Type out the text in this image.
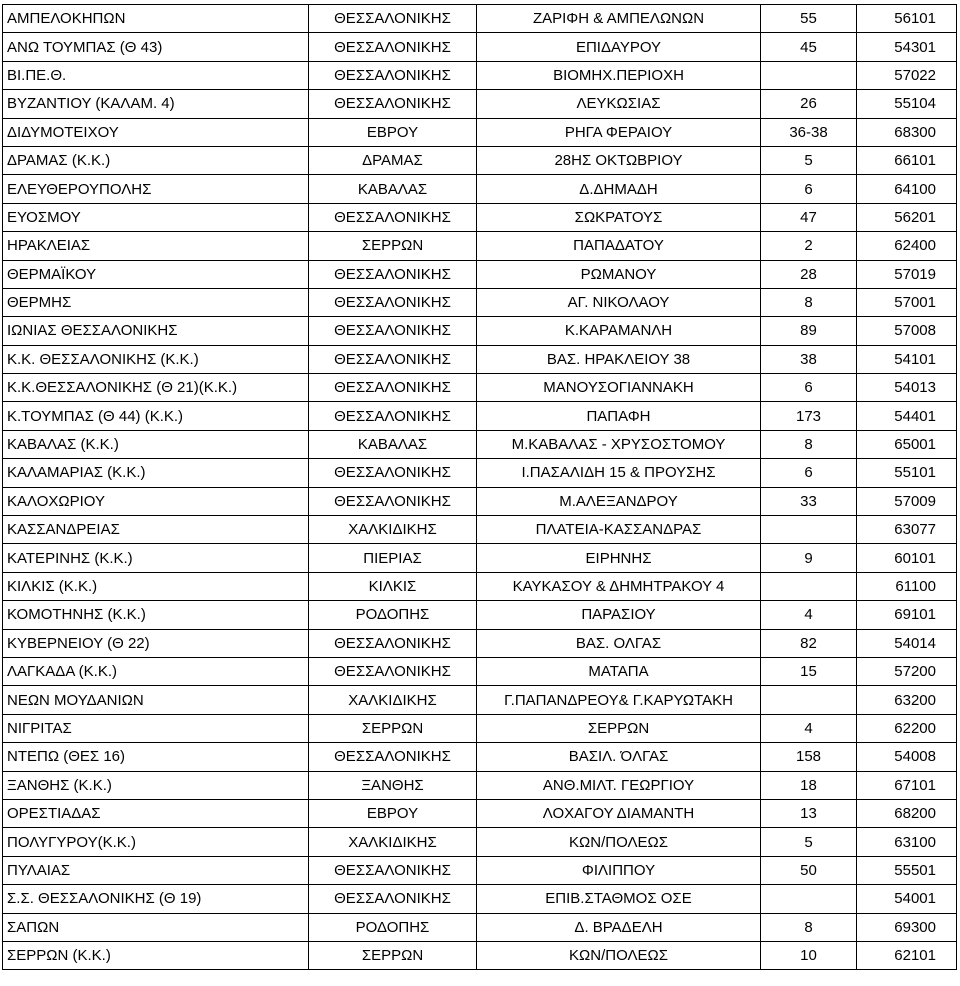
ΑΜΠΕΛΟΚΗΠΩΝ	ΘΕΣΣΑΛΟΝΙΚΗΣ	ΖΑΡΙΦΗ & ΑΜΠΕΛΩΝΩΝ	55	56101
ΑΝΩ ΤΟΥΜΠΑΣ (Θ 43)	ΘΕΣΣΑΛΟΝΙΚΗΣ	ΕΠΙΔΑΥΡΟΥ	45	54301
ΒΙ.ΠΕ.Θ.	ΘΕΣΣΑΛΟΝΙΚΗΣ	ΒΙΟΜΗΧ.ΠΕΡΙΟΧΗ		57022
ΒΥΖΑΝΤΙΟΥ (ΚΑΛΑΜ. 4)	ΘΕΣΣΑΛΟΝΙΚΗΣ	ΛΕΥΚΩΣΙΑΣ	26	55104
ΔΙΔΥΜΟΤΕΙΧΟΥ	ΕΒΡΟΥ	ΡΗΓΑ ΦΕΡΑΙΟΥ	36-38	68300
ΔΡΑΜΑΣ (Κ.Κ.)	ΔΡΑΜΑΣ	28ΗΣ ΟΚΤΩΒΡΙΟΥ	5	66101
ΕΛΕΥΘΕΡΟΥΠΟΛΗΣ	ΚΑΒΑΛΑΣ	Δ.ΔΗΜΑΔΗ	6	64100
ΕΥΟΣΜΟΥ	ΘΕΣΣΑΛΟΝΙΚΗΣ	ΣΩΚΡΑΤΟΥΣ	47	56201
ΗΡΑΚΛΕΙΑΣ	ΣΕΡΡΩΝ	ΠΑΠΑΔΑΤΟΥ	2	62400
ΘΕΡΜΑΪΚΟΥ	ΘΕΣΣΑΛΟΝΙΚΗΣ	ΡΩΜΑΝΟΥ	28	57019
ΘΕΡΜΗΣ	ΘΕΣΣΑΛΟΝΙΚΗΣ	ΑΓ. ΝΙΚΟΛΑΟΥ	8	57001
ΙΩΝΙΑΣ ΘΕΣΣΑΛΟΝΙΚΗΣ	ΘΕΣΣΑΛΟΝΙΚΗΣ	Κ.ΚΑΡΑΜΑΝΛΗ	89	57008
Κ.Κ. ΘΕΣΣΑΛΟΝΙΚΗΣ (Κ.Κ.)	ΘΕΣΣΑΛΟΝΙΚΗΣ	ΒΑΣ. ΗΡΑΚΛΕΙΟΥ 38	38	54101
Κ.Κ.ΘΕΣΣΑΛΟΝΙΚΗΣ (Θ 21)(Κ.Κ.)	ΘΕΣΣΑΛΟΝΙΚΗΣ	ΜΑΝΟΥΣΟΓΙΑΝΝΑΚΗ	6	54013
Κ.ΤΟΥΜΠΑΣ (Θ 44) (Κ.Κ.)	ΘΕΣΣΑΛΟΝΙΚΗΣ	ΠΑΠΑΦΗ	173	54401
ΚΑΒΑΛΑΣ (Κ.Κ.)	ΚΑΒΑΛΑΣ	Μ.ΚΑΒΑΛΑΣ - ΧΡΥΣΟΣΤΟΜΟΥ	8	65001
ΚΑΛΑΜΑΡΙΑΣ (Κ.Κ.)	ΘΕΣΣΑΛΟΝΙΚΗΣ	Ι.ΠΑΣΑΛΙΔΗ 15 & ΠΡΟΥΣΗΣ	6	55101
ΚΑΛΟΧΩΡΙΟΥ	ΘΕΣΣΑΛΟΝΙΚΗΣ	Μ.ΑΛΕΞΑΝΔΡΟΥ	33	57009
ΚΑΣΣΑΝΔΡΕΙΑΣ	ΧΑΛΚΙΔΙΚΗΣ	ΠΛΑΤΕΙΑ-ΚΑΣΣΑΝΔΡΑΣ		63077
ΚΑΤΕΡΙΝΗΣ (Κ.Κ.)	ΠΙΕΡΙΑΣ	ΕΙΡΗΝΗΣ	9	60101
ΚΙΛΚΙΣ (Κ.Κ.)	ΚΙΛΚΙΣ	ΚΑΥΚΑΣΟΥ & ΔΗΜΗΤΡΑΚΟΥ 4		61100
ΚΟΜΟΤΗΝΗΣ (Κ.Κ.)	ΡΟΔΟΠΗΣ	ΠΑΡΑΣΙΟΥ	4	69101
ΚΥΒΕΡΝΕΙΟΥ (Θ 22)	ΘΕΣΣΑΛΟΝΙΚΗΣ	ΒΑΣ. ΟΛΓΑΣ	82	54014
ΛΑΓΚΑΔΑ (Κ.Κ.)	ΘΕΣΣΑΛΟΝΙΚΗΣ	ΜΑΤΑΠΑ	15	57200
ΝΕΩΝ ΜΟΥΔΑΝΙΩΝ	ΧΑΛΚΙΔΙΚΗΣ	Γ.ΠΑΠΑΝΔΡΕΟΥ& Γ.ΚΑΡΥΩΤΑΚΗ		63200
ΝΙΓΡΙΤΑΣ	ΣΕΡΡΩΝ	ΣΕΡΡΩΝ	4	62200
ΝΤΕΠΩ (ΘΕΣ 16)	ΘΕΣΣΑΛΟΝΙΚΗΣ	ΒΑΣΙΛ. ΌΛΓΑΣ	158	54008
ΞΑΝΘΗΣ (Κ.Κ.)	ΞΑΝΘΗΣ	ΑΝΘ.ΜΙΛΤ. ΓΕΩΡΓΙΟΥ	18	67101
ΟΡΕΣΤΙΑΔΑΣ	ΕΒΡΟΥ	ΛΟΧΑΓΟΥ ΔΙΑΜΑΝΤΗ	13	68200
ΠΟΛΥΓΥΡΟΥ(Κ.Κ.)	ΧΑΛΚΙΔΙΚΗΣ	ΚΩΝ/ΠΟΛΕΩΣ	5	63100
ΠΥΛΑΙΑΣ	ΘΕΣΣΑΛΟΝΙΚΗΣ	ΦΙΛΙΠΠΟΥ	50	55501
Σ.Σ. ΘΕΣΣΑΛΟΝΙΚΗΣ (Θ 19)	ΘΕΣΣΑΛΟΝΙΚΗΣ	ΕΠΙΒ.ΣΤΑΘΜΟΣ ΟΣΕ		54001
ΣΑΠΩΝ	ΡΟΔΟΠΗΣ	Δ. ΒΡΑΔΕΛΗ	8	69300
ΣΕΡΡΩΝ (Κ.Κ.)	ΣΕΡΡΩΝ	ΚΩΝ/ΠΟΛΕΩΣ	10	62101
